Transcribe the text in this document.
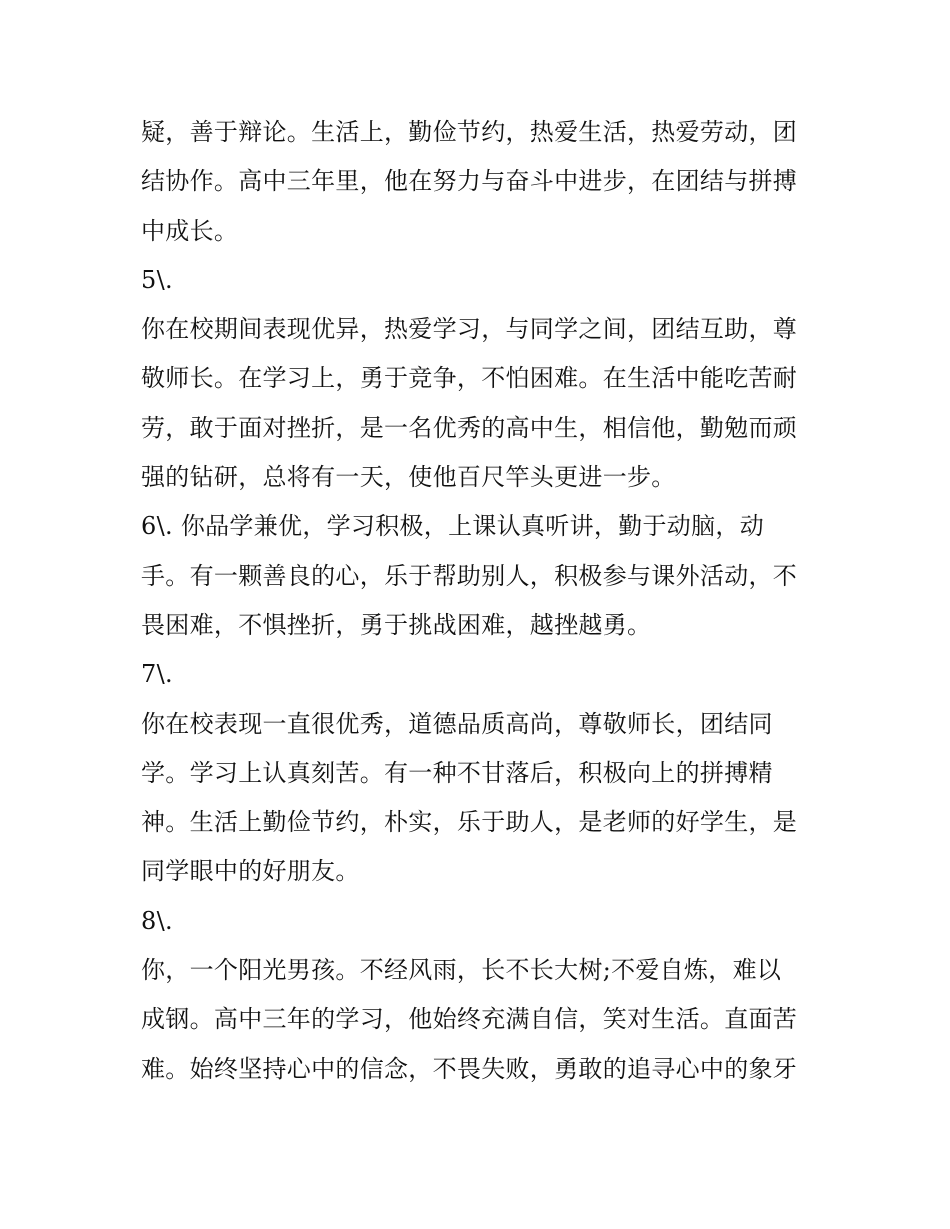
疑，善于辩论。生活上，勤俭节约，热爱生活，热爱劳动，团
结协作。高中三年里，他在努力与奋斗中进步，在团结与拼搏
中成长。
5\.
你在校期间表现优异，热爱学习，与同学之间，团结互助，尊
敬师长。在学习上，勇于竞争，不怕困难。在生活中能吃苦耐
劳，敢于面对挫折，是一名优秀的高中生，相信他，勤勉而顽
强的钻研，总将有一天，使他百尺竿头更进一步。
6\. 你品学兼优，学习积极，上课认真听讲，勤于动脑，动
手。有一颗善良的心，乐于帮助别人，积极参与课外活动，不
畏困难，不惧挫折，勇于挑战困难，越挫越勇。
7\.
你在校表现一直很优秀，道德品质高尚，尊敬师长，团结同
学。学习上认真刻苦。有一种不甘落后，积极向上的拼搏精
神。生活上勤俭节约，朴实，乐于助人，是老师的好学生，是
同学眼中的好朋友。
8\.
你，一个阳光男孩。不经风雨，长不长大树;不爱自炼，难以
成钢。高中三年的学习，他始终充满自信，笑对生活。直面苦
难。始终坚持心中的信念，不畏失败，勇敢的追寻心中的象牙
